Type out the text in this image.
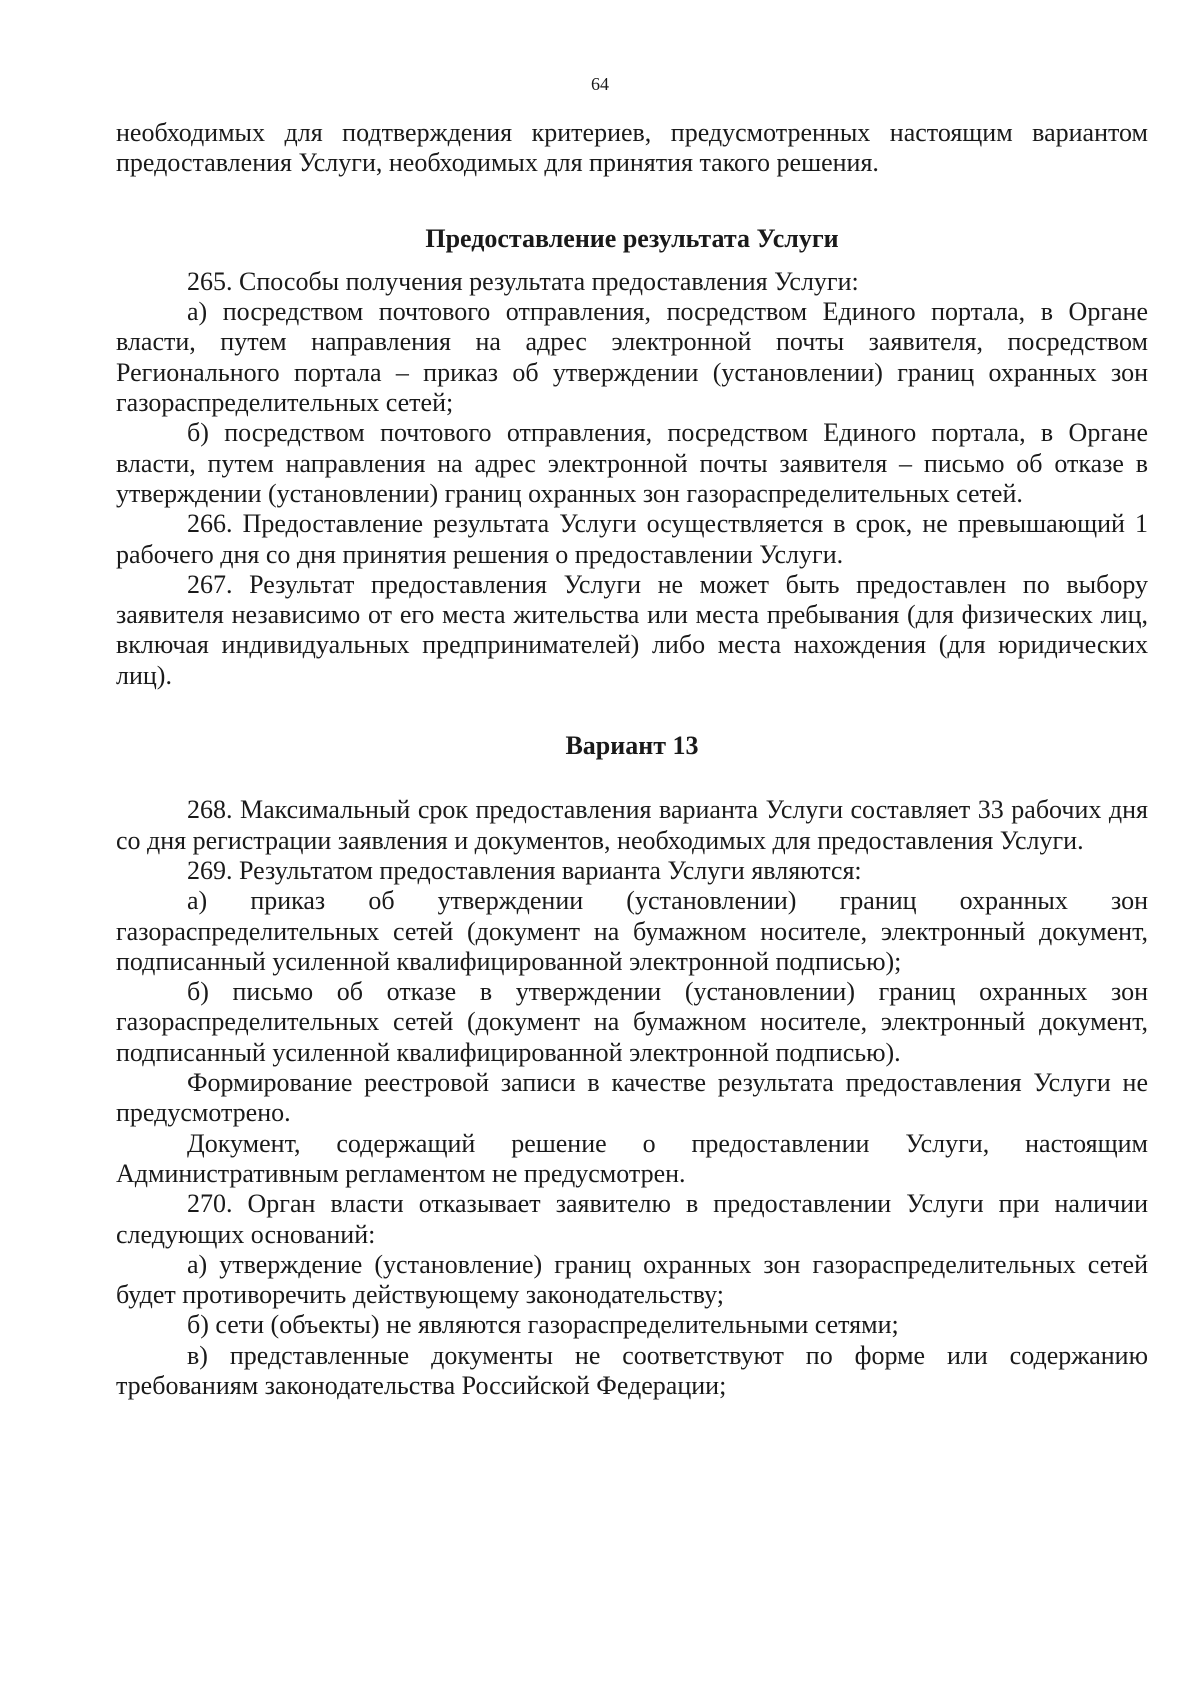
64

необходимых для подтверждения критериев, предусмотренных настоящим вариантом предоставления Услуги, необходимых для принятия такого решения.

Предоставление результата Услуги

265. Способы получения результата предоставления Услуги:

а) посредством почтового отправления, посредством Единого портала, в Органе власти, путем направления на адрес электронной почты заявителя, посредством Регионального портала – приказ об утверждении (установлении) границ охранных зон газораспределительных сетей;

б) посредством почтового отправления, посредством Единого портала, в Органе власти, путем направления на адрес электронной почты заявителя – письмо об отказе в утверждении (установлении) границ охранных зон газораспределительных сетей.

266. Предоставление результата Услуги осуществляется в срок, не превышающий 1 рабочего дня со дня принятия решения о предоставлении Услуги.

267. Результат предоставления Услуги не может быть предоставлен по выбору заявителя независимо от его места жительства или места пребывания (для физических лиц, включая индивидуальных предпринимателей) либо места нахождения (для юридических лиц).

Вариант 13

268. Максимальный срок предоставления варианта Услуги составляет 33 рабочих дня со дня регистрации заявления и документов, необходимых для предоставления Услуги.

269. Результатом предоставления варианта Услуги являются:

а) приказ об утверждении (установлении) границ охранных зон газораспределительных сетей (документ на бумажном носителе, электронный документ, подписанный усиленной квалифицированной электронной подписью);

б) письмо об отказе в утверждении (установлении) границ охранных зон газораспределительных сетей (документ на бумажном носителе, электронный документ, подписанный усиленной квалифицированной электронной подписью).

Формирование реестровой записи в качестве результата предоставления Услуги не предусмотрено.

Документ, содержащий решение о предоставлении Услуги, настоящим Административным регламентом не предусмотрен.

270. Орган власти отказывает заявителю в предоставлении Услуги при наличии следующих оснований:

а) утверждение (установление) границ охранных зон газораспределительных сетей будет противоречить действующему законодательству;

б) сети (объекты) не являются газораспределительными сетями;

в) представленные документы не соответствуют по форме или содержанию требованиям законодательства Российской Федерации;
